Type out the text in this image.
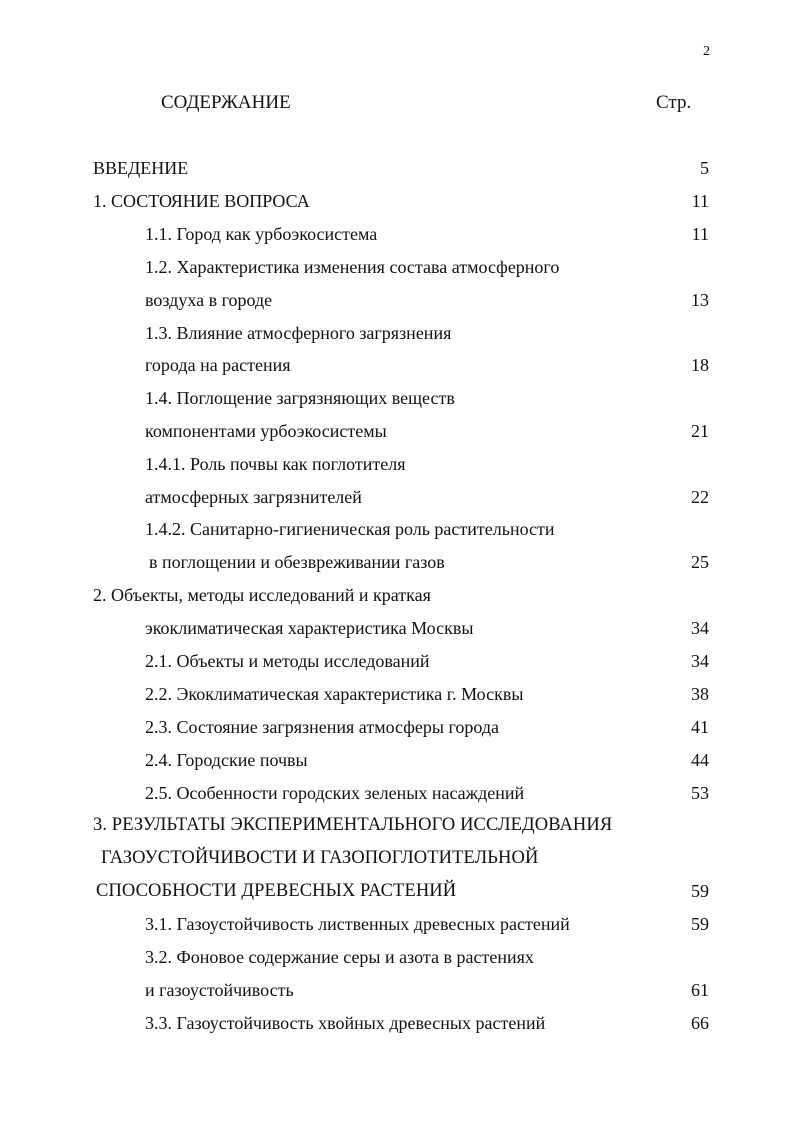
2
СОДЕРЖАНИЕ	Стр.
ВВЕДЕНИЕ	5
1. СОСТОЯНИЕ ВОПРОСА	11
1.1. Город как урбоэкосистема	11
1.2. Характеристика изменения состава атмосферного
воздуха в городе	13
1.3. Влияние атмосферного загрязнения
города на растения	18
1.4. Поглощение загрязняющих веществ
компонентами урбоэкосистемы	21
1.4.1. Роль почвы как поглотителя
атмосферных загрязнителей	22
1.4.2. Санитарно-гигиеническая роль растительности
в поглощении и обезвреживании газов	25
2. Объекты, методы исследований и краткая
экоклиматическая характеристика Москвы	34
2.1. Объекты и методы исследований	34
2.2. Экоклиматическая характеристика г. Москвы	38
2.3. Состояние загрязнения атмосферы города	41
2.4. Городские почвы	44
2.5. Особенности городских зеленых насаждений	53
3. РЕЗУЛЬТАТЫ ЭКСПЕРИМЕНТАЛЬНОГО ИССЛЕДОВАНИЯ
ГАЗОУСТОЙЧИВОСТИ И ГАЗОПОГЛОТИТЕЛЬНОЙ
СПОСОБНОСТИ ДРЕВЕСНЫХ РАСТЕНИЙ	59
3.1. Газоустойчивость лиственных древесных растений	59
3.2. Фоновое содержание серы и азота в растениях
и газоустойчивость	61
3.3. Газоустойчивость хвойных древесных растений	66
